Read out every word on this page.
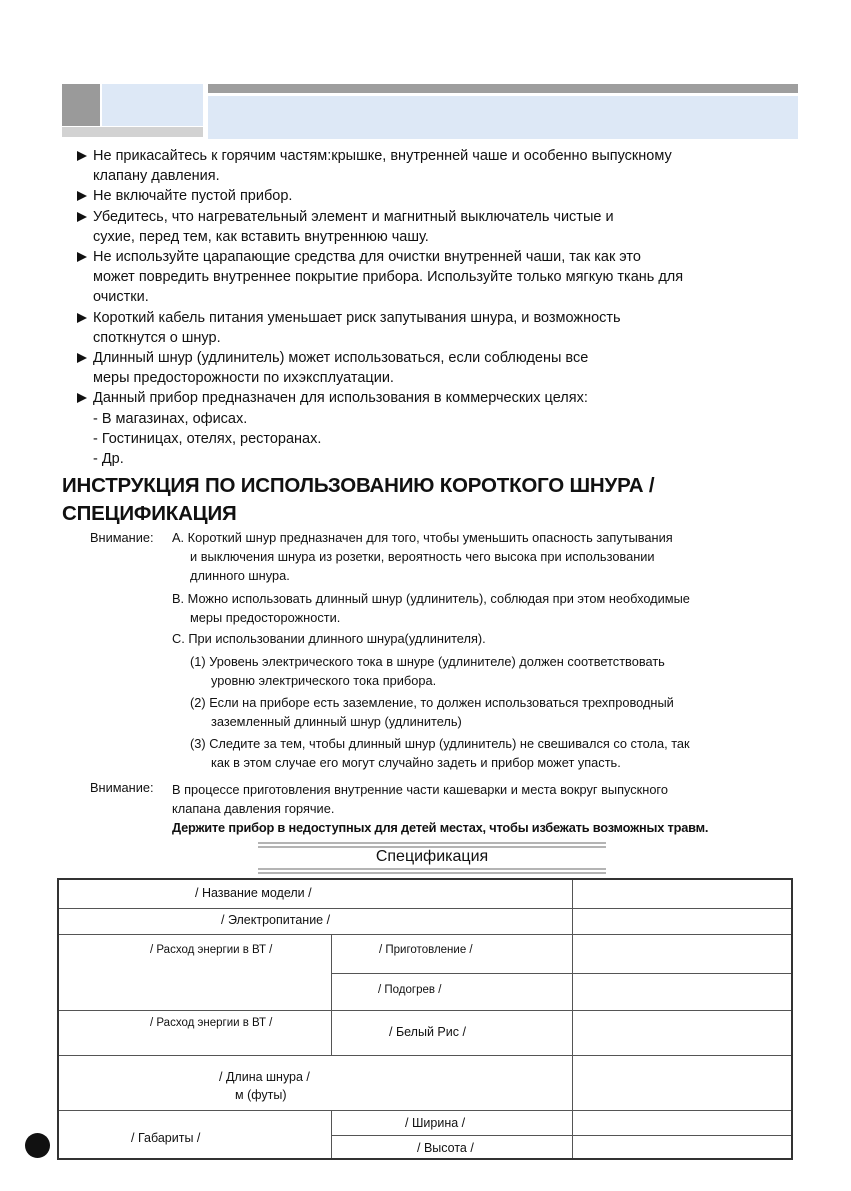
Не прикасайтесь к горячим частям:крышке, внутренней чаше и особенно выпускному
клапану давления.
Не включайте пустой прибор.
Убедитесь, что нагревательный элемент и магнитный выключатель чистые и
сухие, перед тем, как вставить внутреннюю чашу.
Не используйте царапающие средства для очистки внутренней чаши, так как это
может повредить внутреннее покрытие прибора. Используйте только мягкую ткань для
очистки.
Короткий кабель питания уменьшает риск запутывания шнура, и возможность
споткнутся о шнур.
Длинный шнур (удлинитель) может использоваться, если соблюдены все
меры предосторожности по ихэксплуатации.
Данный прибор предназначен для использования в коммерческих целях:
- В магазинах, офисах.
- Гостиницах, отелях, ресторанах.
- Др.
ИНСТРУКЦИЯ ПО ИСПОЛЬЗОВАНИЮ КОРОТКОГО ШНУРА /
СПЕЦИФИКАЦИЯ
Внимание: A. Короткий шнур предназначен для того, чтобы уменьшить опасность запутывания
и выключения шнура из розетки, вероятность чего высока при использовании
длинного шнура.
B. Можно использовать длинный шнур (удлинитель), соблюдая при этом необходимые
меры предосторожности.
C. При использовании длинного шнура(удлинителя).
(1) Уровень электрического тока в шнуре (удлинителе) должен соответствовать
уровню электрического тока прибора.
(2) Если на приборе есть заземление, то должен использоваться трехпроводный
заземленный длинный шнур (удлинитель)
(3) Следите за тем, чтобы длинный шнур (удлинитель) не свешивался со стола, так
как в этом случае его могут случайно задеть и прибор может упасть.
Внимание: В процессе приготовления внутренние части кашеварки и места вокруг выпускного
клапана давления горячие.
Держите прибор в недоступных для детей местах, чтобы избежать возможных травм.
Спецификация
/ Название модели /
/ Электропитание /
/ Расход энергии в ВТ /	/ Приготовление /
/ Подогрев /
/ Расход энергии в ВТ /
/ Белый Рис /
/ Длина шнура /
м (футы)
/ Габариты /
/ Ширина /
/ Высота /
